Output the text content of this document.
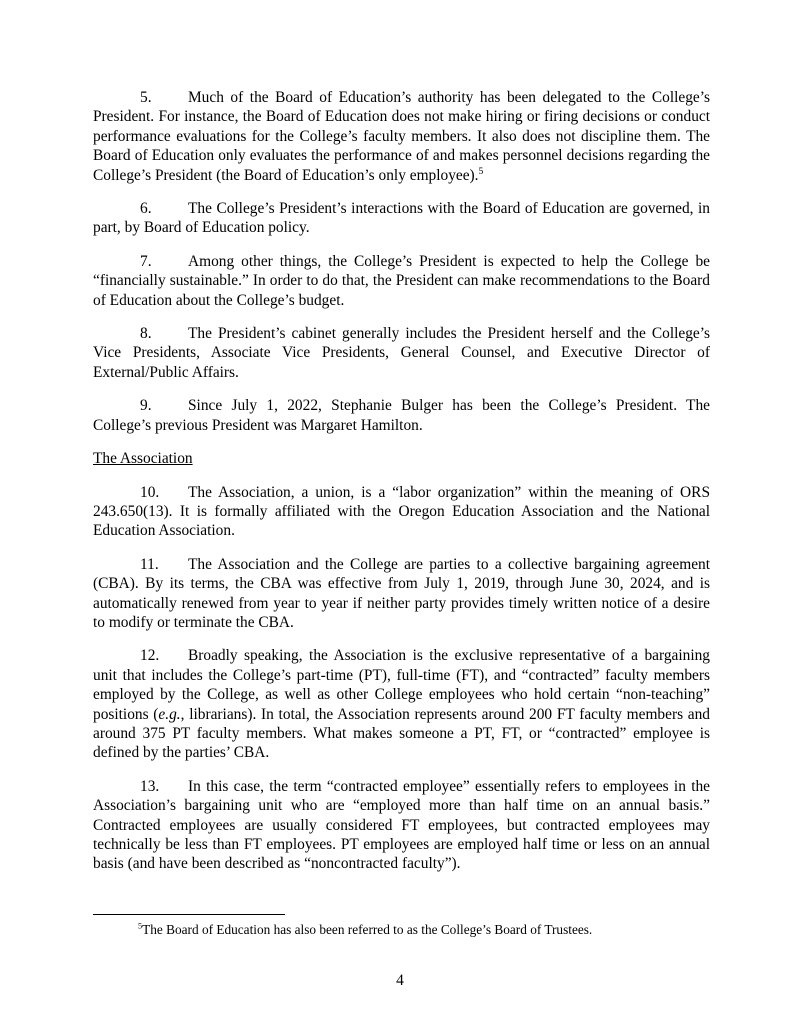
5. Much of the Board of Education’s authority has been delegated to the College’s President. For instance, the Board of Education does not make hiring or firing decisions or conduct performance evaluations for the College’s faculty members. It also does not discipline them. The Board of Education only evaluates the performance of and makes personnel decisions regarding the College’s President (the Board of Education’s only employee).$^5$

6. The College’s President’s interactions with the Board of Education are governed, in part, by Board of Education policy.

7. Among other things, the College’s President is expected to help the College be “financially sustainable.” In order to do that, the President can make recommendations to the Board of Education about the College’s budget.

8. The President’s cabinet generally includes the President herself and the College’s Vice Presidents, Associate Vice Presidents, General Counsel, and Executive Director of External/Public Affairs.

9. Since July 1, 2022, Stephanie Bulger has been the College’s President. The College’s previous President was Margaret Hamilton.

The Association

10. The Association, a union, is a “labor organization” within the meaning of ORS 243.650(13). It is formally affiliated with the Oregon Education Association and the National Education Association.

11. The Association and the College are parties to a collective bargaining agreement (CBA). By its terms, the CBA was effective from July 1, 2019, through June 30, 2024, and is automatically renewed from year to year if neither party provides timely written notice of a desire to modify or terminate the CBA.

12. Broadly speaking, the Association is the exclusive representative of a bargaining unit that includes the College’s part-time (PT), full-time (FT), and “contracted” faculty members employed by the College, as well as other College employees who hold certain “non-teaching” positions (e.g., librarians). In total, the Association represents around 200 FT faculty members and around 375 PT faculty members. What makes someone a PT, FT, or “contracted” employee is defined by the parties’ CBA.

13. In this case, the term “contracted employee” essentially refers to employees in the Association’s bargaining unit who are “employed more than half time on an annual basis.” Contracted employees are usually considered FT employees, but contracted employees may technically be less than FT employees. PT employees are employed half time or less on an annual basis (and have been described as “noncontracted faculty”).

$^5$The Board of Education has also been referred to as the College’s Board of Trustees.

4
